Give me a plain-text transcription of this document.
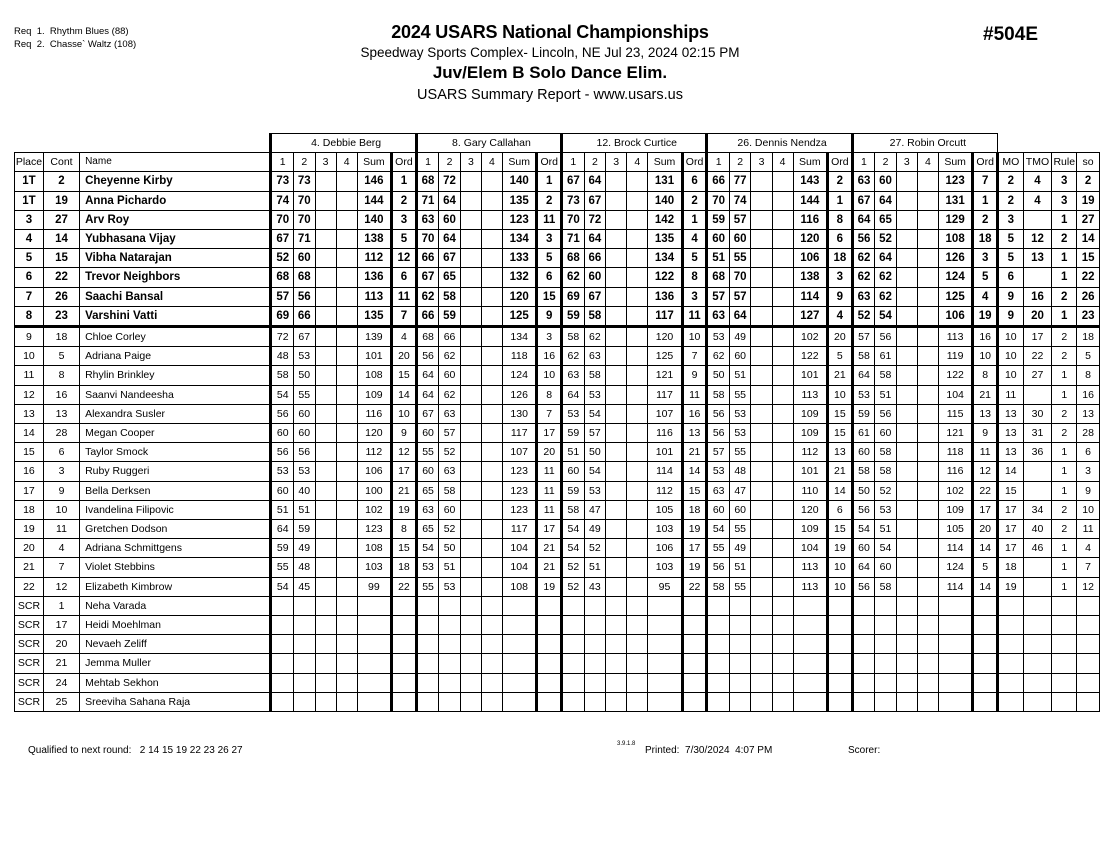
Req  1.  Rhythm Blues (88)
Req  2.  Chasse` Waltz (108)
2024 USARS National Championships
Speedway Sports Complex- Lincoln, NE Jul 23, 2024 02:15 PM
Juv/Elem B Solo Dance Elim.
USARS Summary Report - www.usars.us
#504E
			4. Debbie Berg						8. Gary Callahan						12. Brock Curtice						26. Dennis Nendza						27. Robin Orcutt									
Place	Cont	Name	1	2	3	4	Sum	Ord	1	2	3	4	Sum	Ord	1	2	3	4	Sum	Ord	1	2	3	4	Sum	Ord	1	2	3	4	Sum	Ord	MO	TMO	Rule	so
1T	2	Cheyenne Kirby	73	73			146	1	68	72			140	1	67	64			131	6	66	77			143	2	63	60			123	7	2	4	3	2
1T	19	Anna Pichardo	74	70			144	2	71	64			135	2	73	67			140	2	70	74			144	1	67	64			131	1	2	4	3	19
3	27	Arv Roy	70	70			140	3	63	60			123	11	70	72			142	1	59	57			116	8	64	65			129	2	3		1	27
4	14	Yubhasana Vijay	67	71			138	5	70	64			134	3	71	64			135	4	60	60			120	6	56	52			108	18	5	12	2	14
5	15	Vibha Natarajan	52	60			112	12	66	67			133	5	68	66			134	5	51	55			106	18	62	64			126	3	5	13	1	15
6	22	Trevor Neighbors	68	68			136	6	67	65			132	6	62	60			122	8	68	70			138	3	62	62			124	5	6		1	22
7	26	Saachi Bansal	57	56			113	11	62	58			120	15	69	67			136	3	57	57			114	9	63	62			125	4	9	16	2	26
8	23	Varshini Vatti	69	66			135	7	66	59			125	9	59	58			117	11	63	64			127	4	52	54			106	19	9	20	1	23
9	18	Chloe Corley	72	67			139	4	68	66			134	3	58	62			120	10	53	49			102	20	57	56			113	16	10	17	2	18
10	5	Adriana Paige	48	53			101	20	56	62			118	16	62	63			125	7	62	60			122	5	58	61			119	10	10	22	2	5
11	8	Rhylin Brinkley	58	50			108	15	64	60			124	10	63	58			121	9	50	51			101	21	64	58			122	8	10	27	1	8
12	16	Saanvi Nandeesha	54	55			109	14	64	62			126	8	64	53			117	11	58	55			113	10	53	51			104	21	11		1	16
13	13	Alexandra Susler	56	60			116	10	67	63			130	7	53	54			107	16	56	53			109	15	59	56			115	13	13	30	2	13
14	28	Megan Cooper	60	60			120	9	60	57			117	17	59	57			116	13	56	53			109	15	61	60			121	9	13	31	2	28
15	6	Taylor Smock	56	56			112	12	55	52			107	20	51	50			101	21	57	55			112	13	60	58			118	11	13	36	1	6
16	3	Ruby Ruggeri	53	53			106	17	60	63			123	11	60	54			114	14	53	48			101	21	58	58			116	12	14		1	3
17	9	Bella Derksen	60	40			100	21	65	58			123	11	59	53			112	15	63	47			110	14	50	52			102	22	15		1	9
18	10	Ivandelina Filipovic	51	51			102	19	63	60			123	11	58	47			105	18	60	60			120	6	56	53			109	17	17	34	2	10
19	11	Gretchen Dodson	64	59			123	8	65	52			117	17	54	49			103	19	54	55			109	15	54	51			105	20	17	40	2	11
20	4	Adriana Schmittgens	59	49			108	15	54	50			104	21	54	52			106	17	55	49			104	19	60	54			114	14	17	46	1	4
21	7	Violet Stebbins	55	48			103	18	53	51			104	21	52	51			103	19	56	51			113	10	64	60			124	5	18		1	7
22	12	Elizabeth Kimbrow	54	45			99	22	55	53			108	19	52	43			95	22	58	55			113	10	56	58			114	14	19		1	12
SCR	1	Neha Varada																																		
SCR	17	Heidi Moehlman																																		
SCR	20	Nevaeh Zeliff																																		
SCR	21	Jemma Muller																																		
SCR	24	Mehtab Sekhon																																		
SCR	25	Sreeviha Sahana Raja																																		
Qualified to next round:   2 14 15 19 22 23 26 27
3.9.1.8
Printed:  7/30/2024  4:07 PM	Scorer:
